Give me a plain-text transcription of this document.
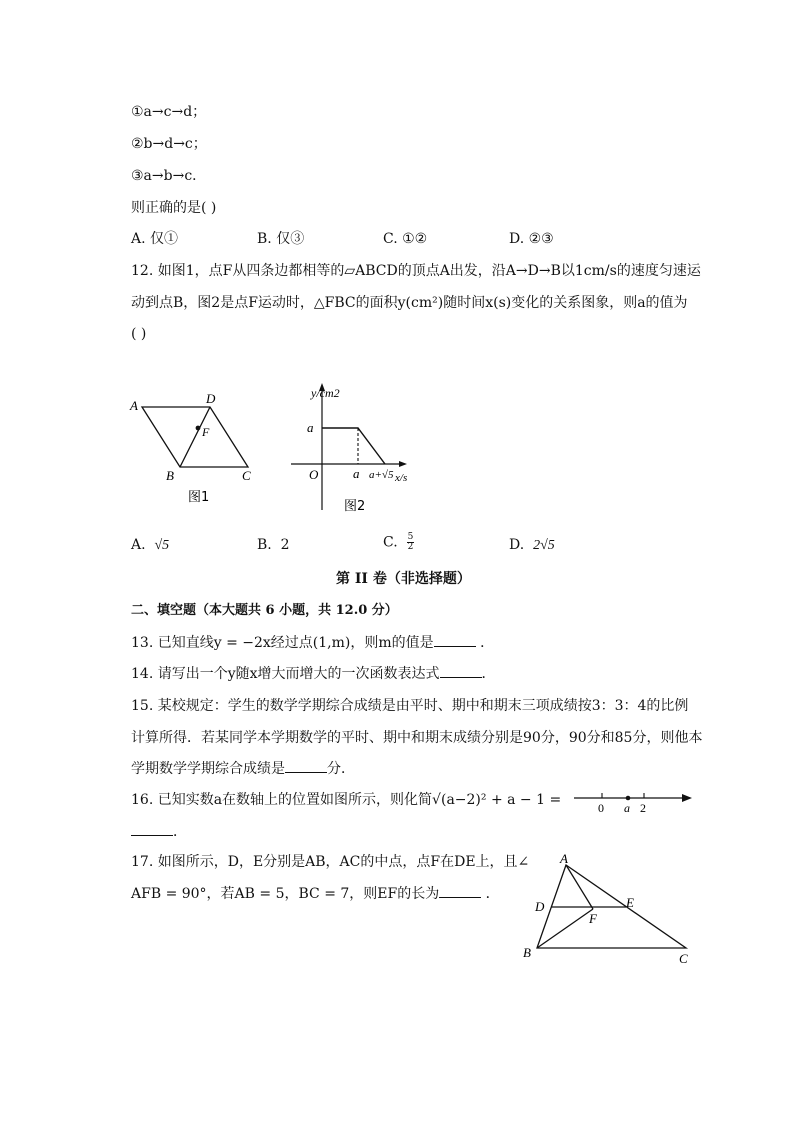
①a→c→d；
②b→d→c；
③a→b→c．
则正确的是( )
A. 仅①	B. 仅③	C. ①②	D. ②③
12. 如图1，点F从四条边都相等的▱ABCD的顶点A出发，沿A→D→B以1cm/s的速度匀速运
动到点B，图2是点F运动时，△FBC的面积y(cm²)随时间x(s)变化的关系图象，则a的值为
( )
A	D
F
B	C
图1
y/cm2
a
O	a a+√5 x/s
图2
A. √5	B. 2	C. $\frac{5}{2}$	D. 2√5
第 II 卷（非选择题）
二、填空题（本大题共 6 小题，共 12.0 分）
13. 已知直线y = −2x经过点(1,m)，则m的值是	．
14. 请写出一个y随x增大而增大的一次函数表达式	．
15. 某校规定：学生的数学学期综合成绩是由平时、期中和期末三项成绩按3：3：4的比例
计算所得．若某同学本学期数学的平时、期中和期末成绩分别是90分，90分和85分，则他本
学期数学学期综合成绩是	分．
16. 已知实数a在数轴上的位置如图所示，则化简√(a−2)² + a − 1 =
．
0 a 2
17. 如图所示，D，E分别是AB，AC的中点，点F在DE上，且∠
AFB = 90°，若AB = 5，BC = 7，则EF的长为	．
A
D	E
F
B	C
